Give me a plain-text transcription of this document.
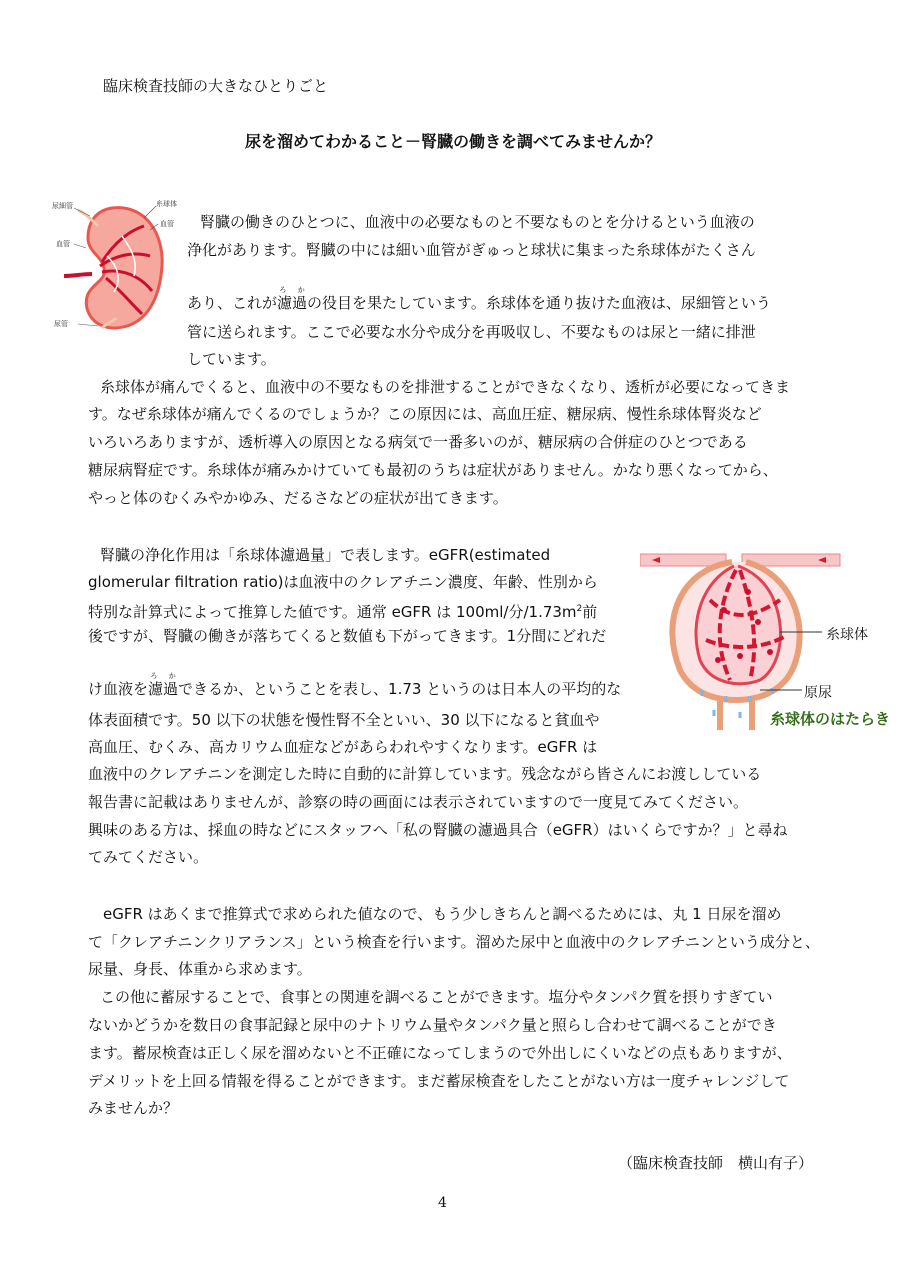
臨床検査技師の大きなひとりごと
尿を溜めてわかること－腎臓の働きを調べてみませんか？
尿細管	糸球体
血管
血管
尿管
腎臓の働きのひとつに、血液中の必要なものと不要なものとを分けるという血液の
浄化があります。腎臓の中には細い血管がぎゅっと球状に集まった糸球体がたくさん
あり、これが濾過ろ かの役目を果たしています。糸球体を通り抜けた血液は、尿細管という
管に送られます。ここで必要な水分や成分を再吸収し、不要なものは尿と一緒に排泄
しています。
糸球体が痛んでくると、血液中の不要なものを排泄することができなくなり、透析が必要になってきま
す。なぜ糸球体が痛んでくるのでしょうか？この原因には、高血圧症、糖尿病、慢性糸球体腎炎など
いろいろありますが、透析導入の原因となる病気で一番多いのが、糖尿病の合併症のひとつである
糖尿病腎症です。糸球体が痛みかけていても最初のうちは症状がありません。かなり悪くなってから、
やっと体のむくみやかゆみ、だるさなどの症状が出てきます。
糸球体
原尿
糸球体のはたらき
腎臓の浄化作用は「糸球体濾過量」で表します。eGFR(estimated
glomerular filtration ratio)は血液中のクレアチニン濃度、年齢、性別から
特別な計算式によって推算した値です。通常 eGFR は 100ml/分$/1.73m^2$前
後ですが、腎臓の働きが落ちてくると数値も下がってきます。1分間にどれだ
け血液を濾過ろ かできるか、ということを表し、1.73 というのは日本人の平均的な
体表面積です。50 以下の状態を慢性腎不全といい、30 以下になると貧血や
高血圧、むくみ、高カリウム血症などがあらわれやすくなります。eGFR は
血液中のクレアチニンを測定した時に自動的に計算しています。残念ながら皆さんにお渡ししている
報告書に記載はありませんが、診察の時の画面には表示されていますので一度見てみてください。
興味のある方は、採血の時などにスタッフへ「私の腎臓の濾過具合（eGFR）はいくらですか？」と尋ね
てみてください。
eGFR はあくまで推算式で求められた値なので、もう少しきちんと調べるためには、丸 1 日尿を溜め
て「クレアチニンクリアランス」という検査を行います。溜めた尿中と血液中のクレアチニンという成分と、
尿量、身長、体重から求めます。
この他に蓄尿することで、食事との関連を調べることができます。塩分やタンパク質を摂りすぎてい
ないかどうかを数日の食事記録と尿中のナトリウム量やタンパク量と照らし合わせて調べることができ
ます。蓄尿検査は正しく尿を溜めないと不正確になってしまうので外出しにくいなどの点もありますが、
デメリットを上回る情報を得ることができます。まだ蓄尿検査をしたことがない方は一度チャレンジして
みませんか？
（臨床検査技師　横山有子）
4
